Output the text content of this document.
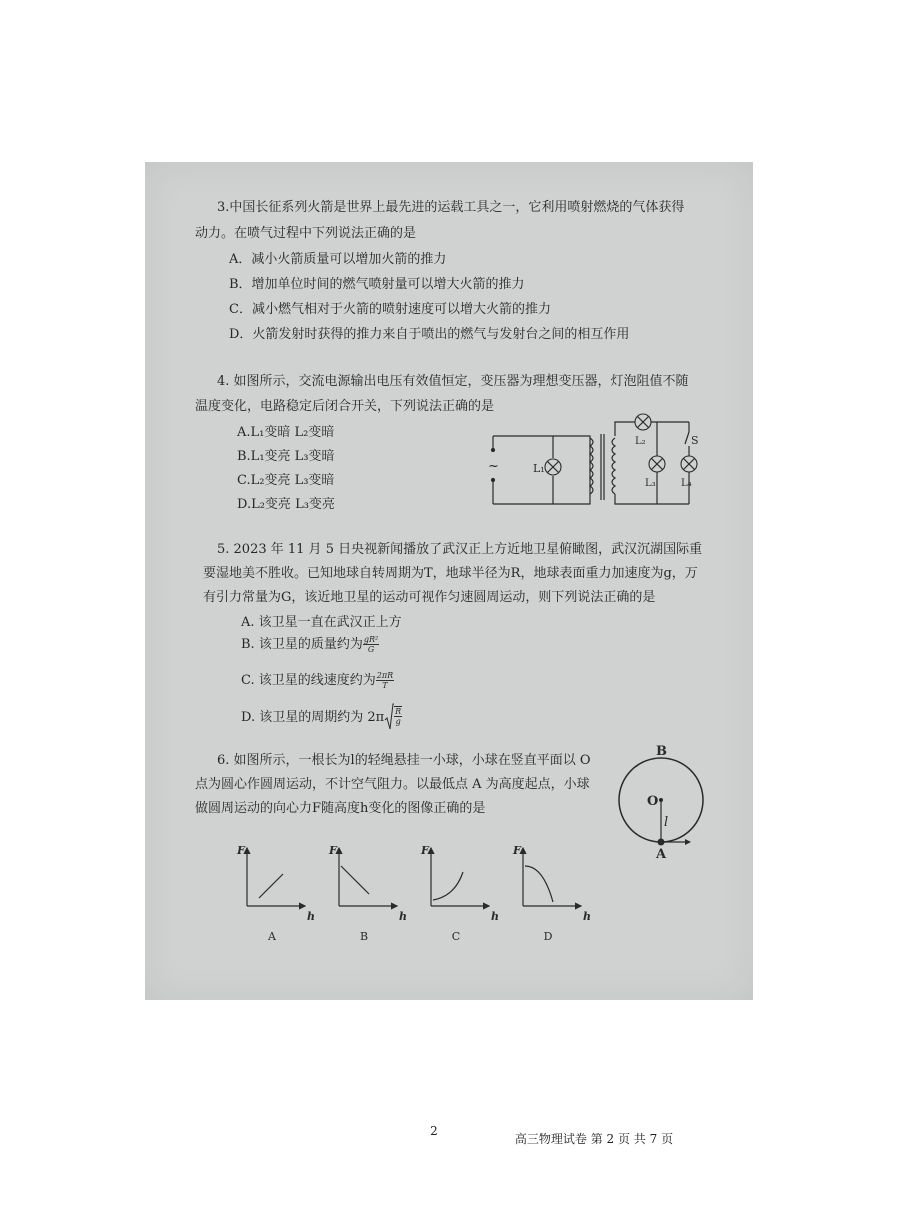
3.中国长征系列火箭是世界上最先进的运载工具之一，它利用喷射燃烧的气体获得
动力。在喷气过程中下列说法正确的是
A．减小火箭质量可以增加火箭的推力
B．增加单位时间的燃气喷射量可以增大火箭的推力
C．减小燃气相对于火箭的喷射速度可以增大火箭的推力
D．火箭发射时获得的推力来自于喷出的燃气与发射台之间的相互作用
4. 如图所示，交流电源输出电压有效值恒定，变压器为理想变压器，灯泡阻值不随
温度变化，电路稳定后闭合开关，下列说法正确的是
A.L₁变暗 L₂变暗
B.L₁变亮 L₃变暗
C.L₂变亮 L₃变暗
D.L₂变亮 L₃变亮
~	L₁
L₂
L₃	L₄
S
5. 2023 年 11 月 5 日央视新闻播放了武汉正上方近地卫星俯瞰图，武汉沉湖国际重
要湿地美不胜收。已知地球自转周期为T，地球半径为R，地球表面重力加速度为g，万
有引力常量为G，该近地卫星的运动可视作匀速圆周运动，则下列说法正确的是
A. 该卫星一直在武汉正上方
B. 该卫星的质量约为 $\frac{\text{gR²}}{G}$
C. 该卫星的线速度约为 $\frac{2\pi R}{T}$
D. 该卫星的周期约为 $2\pi \frac{R}{g}$
6. 如图所示，一根长为l的轻绳悬挂一小球，小球在竖直平面以 O
点为圆心作圆周运动，不计空气阻力。以最低点 A 为高度起点，小球
做圆周运动的向心力F随高度h变化的图像正确的是
B
O
A
l
F
h
A
F
h
B
F
h
C
F
h
D
高三物理试卷 第 2 页 共 7 页
2
